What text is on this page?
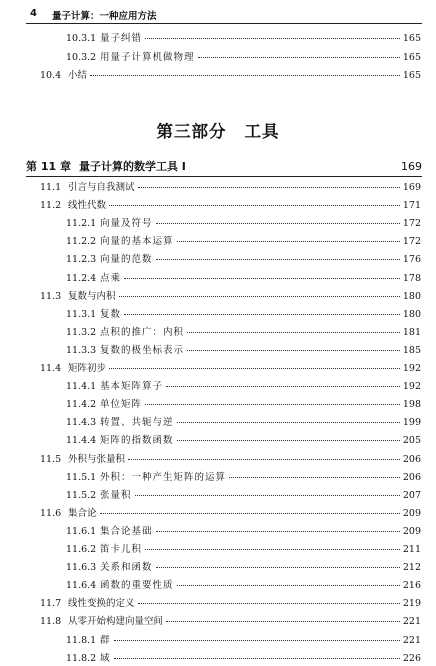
4 量子计算：一种应用方法
10.3.1 量子纠错	165
10.3.2 用量子计算机做物理	165
10.4 小结	165
第三部分 工具
第 11 章 量子计算的数学工具 I	169
11.1 引言与自我测试	169
11.2 线性代数	171
11.2.1 向量及符号	172
11.2.2 向量的基本运算	172
11.2.3 向量的范数	176
11.2.4 点乘	178
11.3 复数与内积	180
11.3.1 复数	180
11.3.2 点积的推广：内积	181
11.3.3 复数的极坐标表示	185
11.4 矩阵初步	192
11.4.1 基本矩阵算子	192
11.4.2 单位矩阵	198
11.4.3 转置、共轭与逆	199
11.4.4 矩阵的指数函数	205
11.5 外积与张量积	206
11.5.1 外积：一种产生矩阵的运算	206
11.5.2 张量积	207
11.6 集合论	209
11.6.1 集合论基础	209
11.6.2 笛卡儿积	211
11.6.3 关系和函数	212
11.6.4 函数的重要性质	216
11.7 线性变换的定义	219
11.8 从零开始构建向量空间	221
11.8.1 群	221
11.8.2 域	226
